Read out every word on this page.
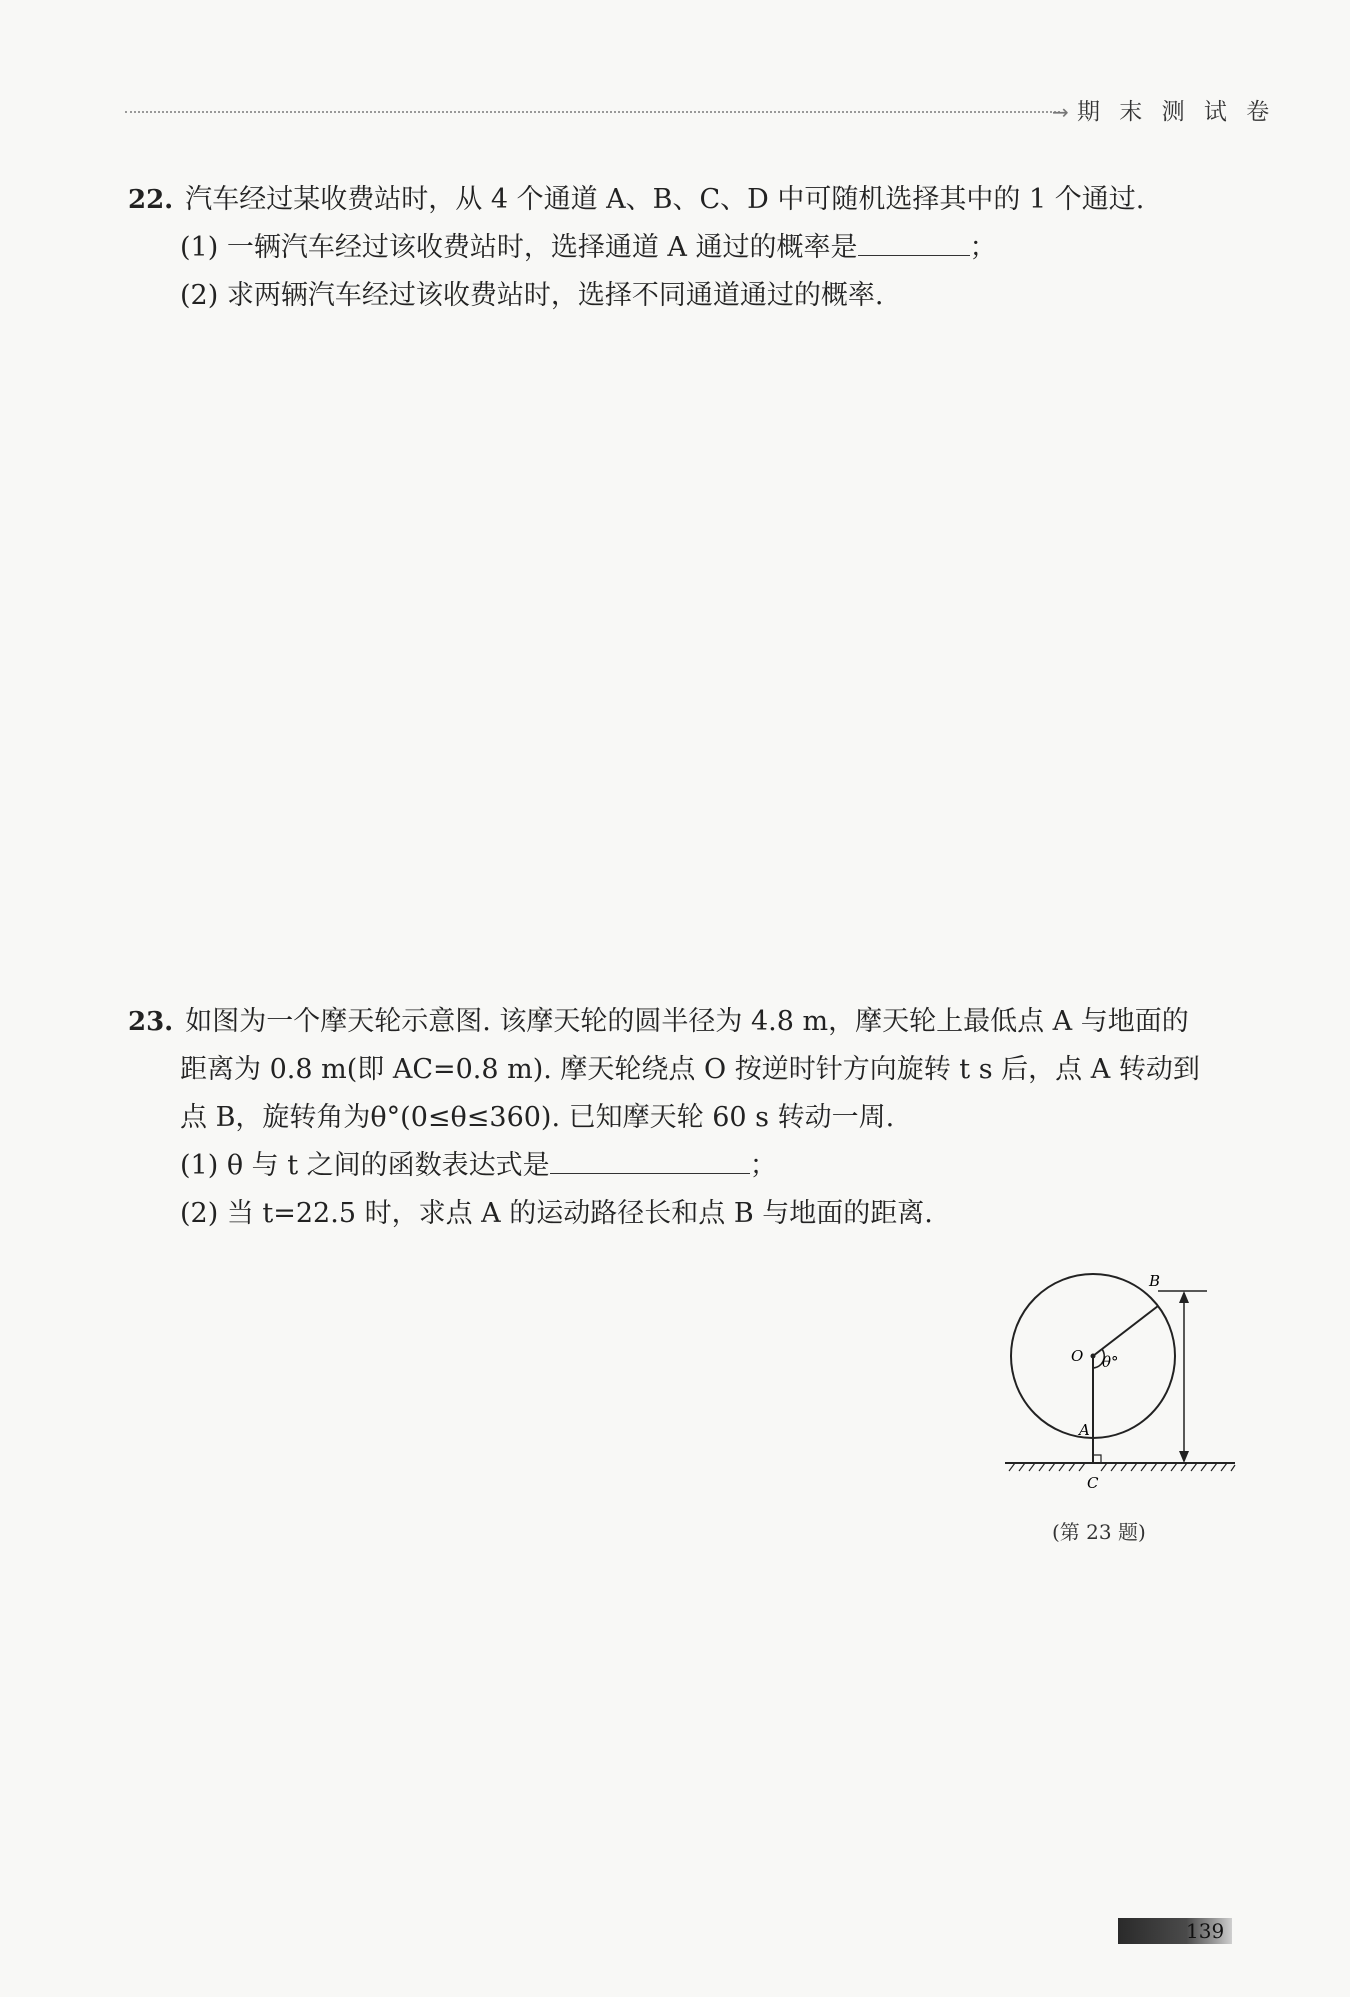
→ 期 末 测 试 卷
22. 汽车经过某收费站时，从 4 个通道 A、B、C、D 中可随机选择其中的 1 个通过.
(1) 一辆汽车经过该收费站时，选择通道 A 通过的概率是	；
(2) 求两辆汽车经过该收费站时，选择不同通道通过的概率.
23. 如图为一个摩天轮示意图. 该摩天轮的圆半径为 4.8 m，摩天轮上最低点 A 与地面的
距离为 0.8 m(即 AC=0.8 m). 摩天轮绕点 O 按逆时针方向旋转 t s 后，点 A 转动到
点 B，旋转角为θ°(0≤θ≤360). 已知摩天轮 60 s 转动一周.
(1) θ 与 t 之间的函数表达式是	；
(2) 当 t=22.5 时，求点 A 的运动路径长和点 B 与地面的距离.
B
O θ°
A
C
(第 23 题)
139
